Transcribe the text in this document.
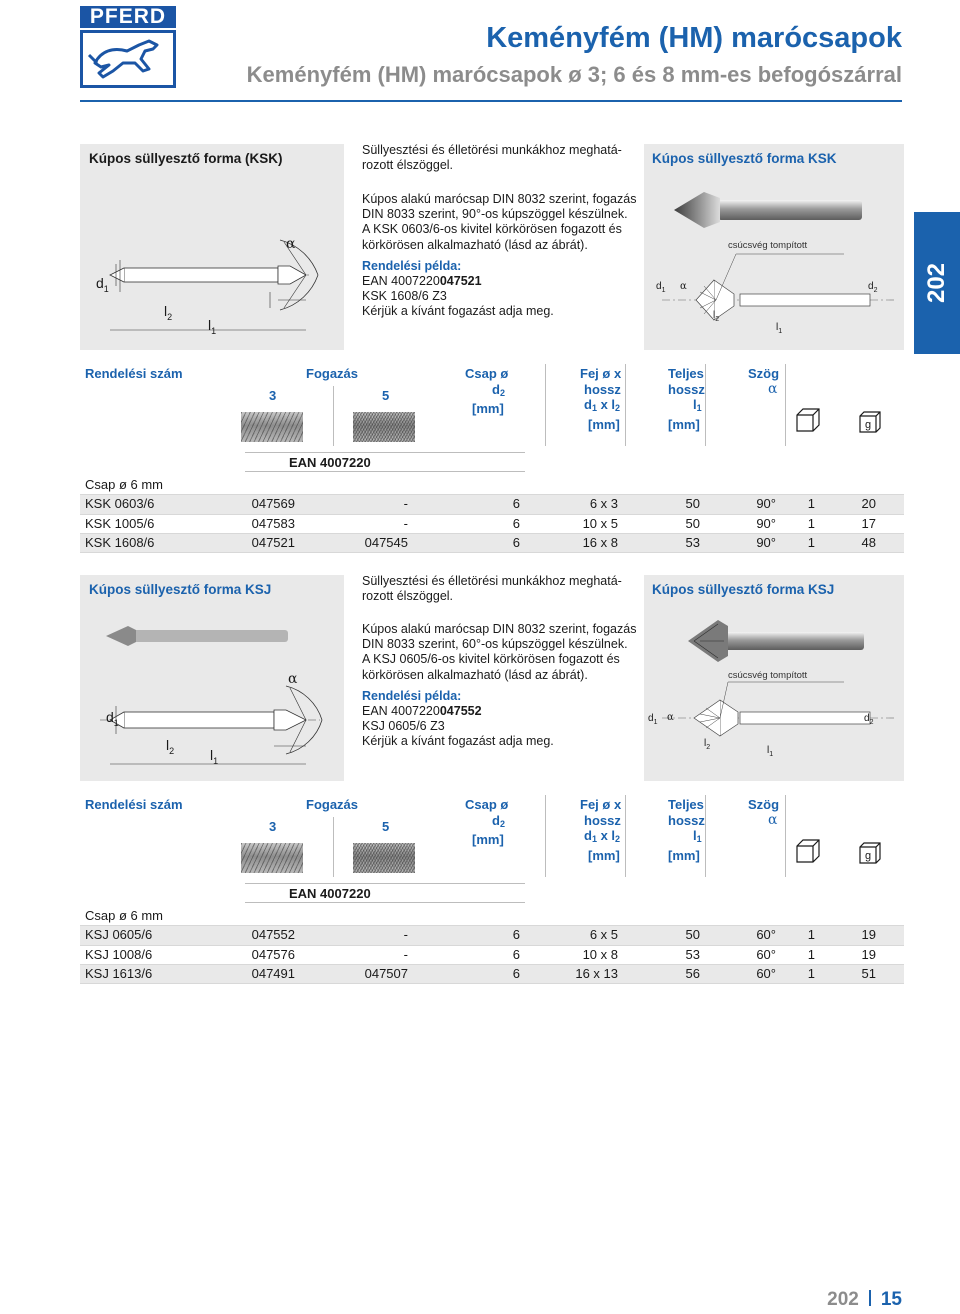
PFERD
Keményfém (HM) marócsapok
Keményfém (HM) marócsapok ø 3; 6 és 8 mm-es befogószárral
202
Kúpos süllyesztő forma (KSK)	Kúpos süllyesztő forma KSK
Süllyesztési és élletörési munkákhoz meghatá- rozott élszöggel.
Kúpos alakú marócsap DIN 8032 szerint, fogazás DIN 8033 szerint, 90°-os kúpszöggel készülnek. A KSK 0603/6-os kivitel körkörösen fogazott és körkörösen alkalmazható (lásd az ábrát).
Rendelési példa:
EAN 4007220047521
KSK 1608/6 Z3
Kérjük a kívánt fogazást adja meg.
α
$d_1$
$l_2$
$l_1$
csúcsvég tompított
$d_1$ α
$l_2$
$l_1$
$d_2$
Rendelési szám	Fogazás
3	5
Csap ø
$d_2$
[mm]
Fej ø x
hossz
$d_1$ x $l_2$
[mm]
Teljes
hossz
$l_1$
[mm]
Szög
α
g
EAN 4007220
Csap ø 6 mm
KSK 0603/6	047569	-	6	6 x 3	50	90°	1	20
KSK 1005/6	047583	-	6	10 x 5	50	90°	1	17
KSK 1608/6	047521	047545	6	16 x 8	53	90°	1	48
Kúpos süllyesztő forma KSJ	Kúpos süllyesztő forma KSJ
Süllyesztési és élletörési munkákhoz meghatá- rozott élszöggel.
Kúpos alakú marócsap DIN 8032 szerint, fogazás DIN 8033 szerint, 60°-os kúpszöggel készülnek. A KSJ 0605/6-os kivitel körkörösen fogazott és körkörösen alkalmazható (lásd az ábrát).
Rendelési példa:
EAN 4007220047552
KSJ 0605/6 Z3
Kérjük a kívánt fogazást adja meg.
α
$d_1$
$l_2$	$l_1$
csúcsvég tompított
$d_1$ α
$l_2$	$l_1$
$d_2$
Rendelési szám	Fogazás
3	5
Csap ø
$d_2$
[mm]
Fej ø x
hossz
$d_1$ x $l_2$
[mm]
Teljes
hossz
$l_1$
[mm]
Szög
α
g
EAN 4007220
Csap ø 6 mm
KSJ 0605/6	047552	-	6	6 x 5	50	60°	1	19
KSJ 1008/6	047576	-	6	10 x 8	53	60°	1	19
KSJ 1613/6	047491	047507	6	16 x 13	56	60°	1	51
202 15
